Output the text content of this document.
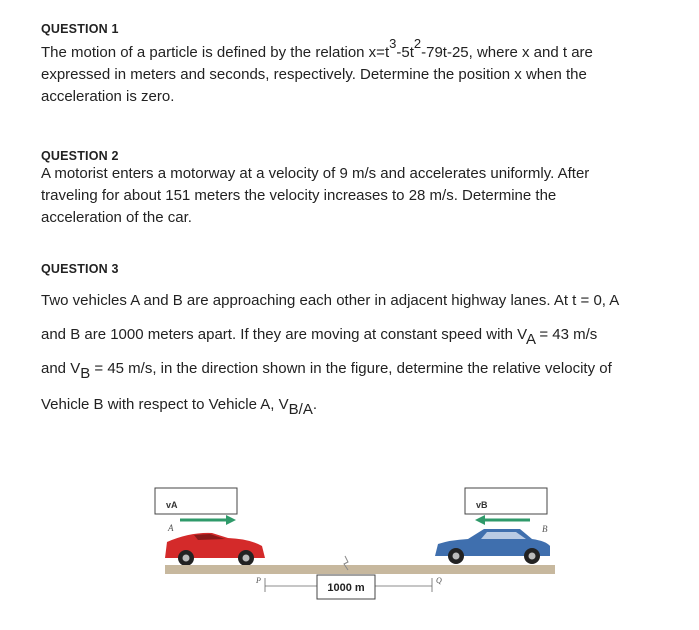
QUESTION 1
The motion of a particle is defined by the relation x=t3-5t2-79t-25, where x and t are
expressed in meters and seconds, respectively. Determine the position x when the
acceleration is zero.
QUESTION 2
A motorist enters a motorway at a velocity of 9 m/s and accelerates uniformly. After
traveling for about 151 meters the velocity increases to 28 m/s. Determine the
acceleration of the car.
QUESTION 3
Two vehicles A and B are approaching each other in adjacent highway lanes. At t = 0, A
and B are 1000 meters apart. If they are moving at constant speed with VA = 43 m/s
and VB = 45 m/s, in the direction shown in the figure, determine the relative velocity of
Vehicle B with respect to Vehicle A, VB/A.
vA	vB
A	B
P	Q
1000 m
